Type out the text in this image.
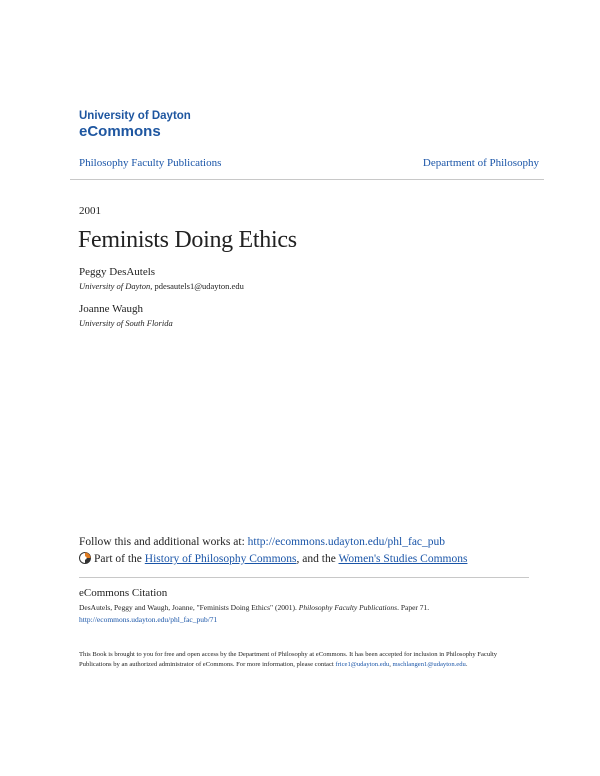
University of Dayton
eCommons
Philosophy Faculty Publications	Department of Philosophy
2001
Feminists Doing Ethics
Peggy DesAutels
University of Dayton, pdesautels1@udayton.edu
Joanne Waugh
University of South Florida
Follow this and additional works at: http://ecommons.udayton.edu/phl_fac_pub
Part of the History of Philosophy Commons, and the Women's Studies Commons
eCommons Citation
DesAutels, Peggy and Waugh, Joanne, "Feminists Doing Ethics" (2001). Philosophy Faculty Publications. Paper 71.
http://ecommons.udayton.edu/phl_fac_pub/71
This Book is brought to you for free and open access by the Department of Philosophy at eCommons. It has been accepted for inclusion in Philosophy Faculty Publications by an authorized administrator of eCommons. For more information, please contact frice1@udayton.edu, mschlangen1@udayton.edu.
